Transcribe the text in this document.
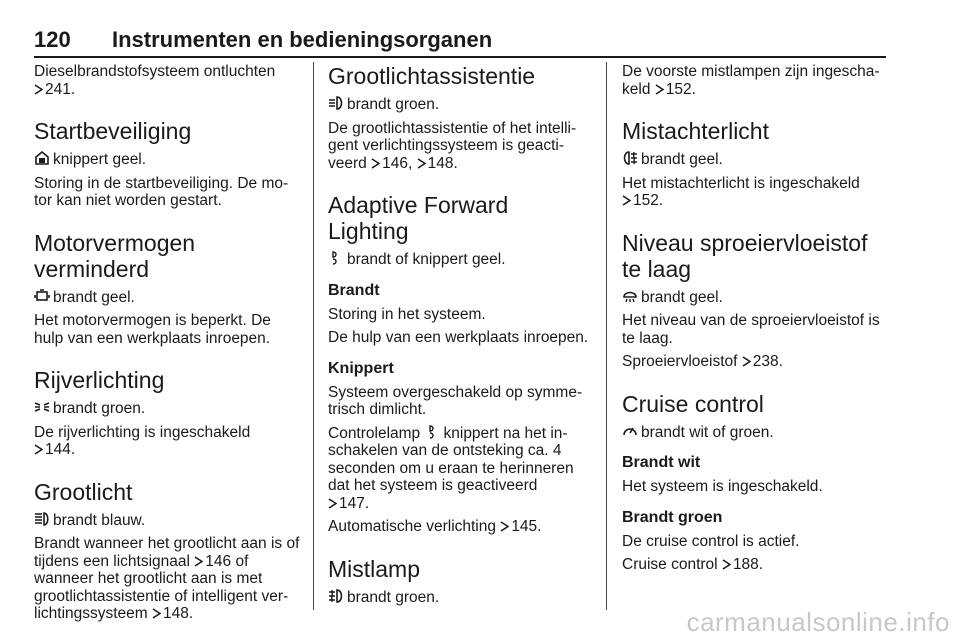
120 Instrumenten en bedieningsorganen

Dieselbrandstofsysteem ontluchten

241.

Startbeveiliging

knippert geel.

Storing in de startbeveiliging. De mo-tor kan niet worden gestart.

Motorvermogen verminderd

brandt geel.

Het motorvermogen is beperkt. De hulp van een werkplaats inroepen.

Rijverlichting

brandt groen.

De rijverlichting is ingeschakeld

144.

Grootlicht

brandt blauw.

Brandt wanneer het grootlicht aan is of tijdens een lichtsignaal 146 of wanneer het grootlicht aan is met grootlichtassistentie of intelligent ver-lichtingssysteem 148.

Grootlichtassistentie

brandt groen.

De grootlichtassistentie of het intelli-gent verlichtingssysteem is geacti-veerd 146, 148.

Adaptive Forward Lighting

brandt of knippert geel.

Brandt

Storing in het systeem.

De hulp van een werkplaats inroepen.

Knippert

Systeem overgeschakeld op symme-trisch dimlicht.

Controlelamp knippert na het in-schakelen van de ontsteking ca. 4 seconden om u eraan te herinneren dat het systeem is geactiveerd

147.

Automatische verlichting 145.

Mistlamp

brandt groen.

De voorste mistlampen zijn ingescha-keld 152.

Mistachterlicht

brandt geel.

Het mistachterlicht is ingeschakeld

152.

Niveau sproeiervloeistof te laag

brandt geel.

Het niveau van de sproeiervloeistof is te laag.

Sproeiervloeistof 238.

Cruise control

brandt wit of groen.

Brandt wit

Het systeem is ingeschakeld.

Brandt groen

De cruise control is actief.

Cruise control 188.

carmanualsonline.info
